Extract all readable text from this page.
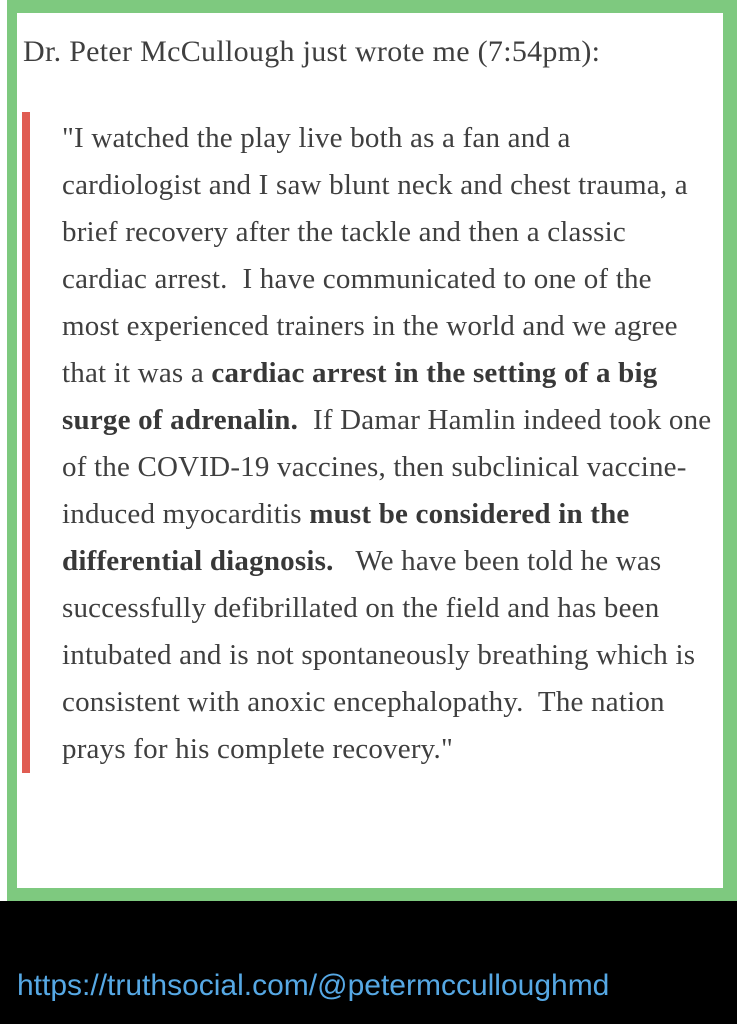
Dr. Peter McCullough just wrote me (7:54pm):
"I watched the play live both as a fan and a cardiologist and I saw blunt neck and chest trauma, a brief recovery after the tackle and then a classic cardiac arrest.  I have communicated to one of the most experienced trainers in the world and we agree that it was a cardiac arrest in the setting of a big surge of adrenalin.  If Damar Hamlin indeed took one of the COVID-19 vaccines, then subclinical vaccine-induced myocarditis must be considered in the differential diagnosis.   We have been told he was successfully defibrillated on the field and has been intubated and is not spontaneously breathing which is consistent with anoxic encephalopathy.  The nation prays for his complete recovery."
https://truthsocial.com/@petermcculloughmd
